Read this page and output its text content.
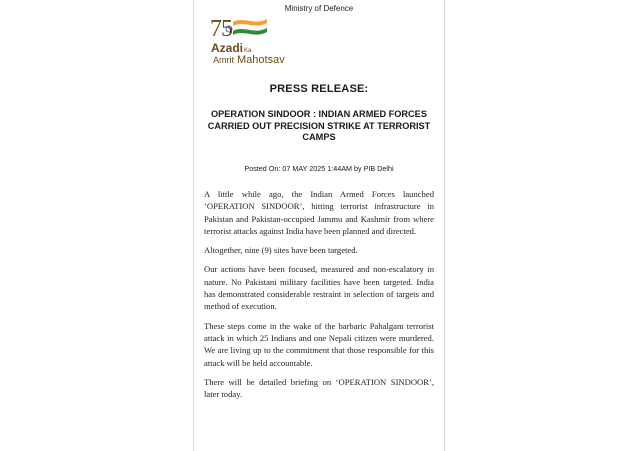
Ministry of Defence
7 5
Azadi Ka
Amrit Mahotsav
PRESS RELEASE:
OPERATION SINDOOR : INDIAN ARMED FORCES CARRIED OUT PRECISION STRIKE AT TERRORIST CAMPS
Posted On: 07 MAY 2025 1:44AM by PIB Delhi

A little while ago, the Indian Armed Forces launched ‘OPERATION SINDOOR’, hitting terrorist infrastructure in Pakistan and Pakistan-occupied Jammu and Kashmir from where terrorist attacks against India have been planned and directed.

Altogether, nine (9) sites have been targeted.

Our actions have been focused, measured and non-escalatory in nature. No Pakistani military facilities have been targeted. India has demonstrated considerable restraint in selection of targets and method of execution.

These steps come in the wake of the barbaric Pahalgam terrorist attack in which 25 Indians and one Nepali citizen were murdered. We are living up to the commitment that those responsible for this attack will be held accountable.

There will be detailed briefing on ‘OPERATION SINDOOR’, later today.
